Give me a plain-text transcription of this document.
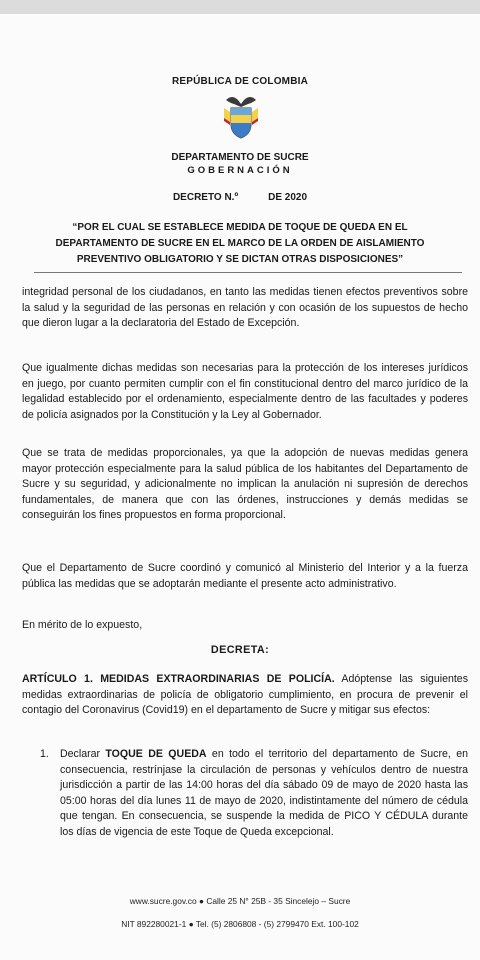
REPÚBLICA DE COLOMBIA
DEPARTAMENTO DE SUCRE
GOBERNACIÓN
DECRETO N.º	DE 2020
“POR EL CUAL SE ESTABLECE MEDIDA DE TOQUE DE QUEDA EN EL DEPARTAMENTO DE SUCRE EN EL MARCO DE LA ORDEN DE AISLAMIENTO PREVENTIVO OBLIGATORIO Y SE DICTAN OTRAS DISPOSICIONES”
integridad personal de los ciudadanos, en tanto las medidas tienen efectos preventivos sobre la salud y la seguridad de las personas en relación y con ocasión de los supuestos de hecho que dieron lugar a la declaratoria del Estado de Excepción.
Que igualmente dichas medidas son necesarias para la protección de los intereses jurídicos en juego, por cuanto permiten cumplir con el fin constitucional dentro del marco jurídico de la legalidad establecido por el ordenamiento, especialmente dentro de las facultades y poderes de policía asignados por la Constitución y la Ley al Gobernador.
Que se trata de medidas proporcionales, ya que la adopción de nuevas medidas genera mayor protección especialmente para la salud pública de los habitantes del Departamento de Sucre y su seguridad, y adicionalmente no implican la anulación ni supresión de derechos fundamentales, de manera que con las órdenes, instrucciones y demás medidas se conseguirán los fines propuestos en forma proporcional.
Que el Departamento de Sucre coordinó y comunicó al Ministerio del Interior y a la fuerza pública las medidas que se adoptarán mediante el presente acto administrativo.
En mérito de lo expuesto,
DECRETA:
ARTÍCULO 1. MEDIDAS EXTRAORDINARIAS DE POLICÍA. Adóptense las siguientes medidas extraordinarias de policía de obligatorio cumplimiento, en procura de prevenir el contagio del Coronavirus (Covid19) en el departamento de Sucre y mitigar sus efectos:
1. Declarar TOQUE DE QUEDA en todo el territorio del departamento de Sucre, en consecuencia, restrínjase la circulación de personas y vehículos dentro de nuestra jurisdicción a partir de las 14:00 horas del día sábado 09 de mayo de 2020 hasta las 05:00 horas del día lunes 11 de mayo de 2020, indistintamente del número de cédula que tengan. En consecuencia, se suspende la medida de PICO Y CÉDULA durante los días de vigencia de este Toque de Queda excepcional.
www.sucre.gov.co ● Calle 25 N° 25B - 35 Sincelejo – Sucre
NIT 892280021-1 ● Tel. (5) 2806808 - (5) 2799470 Ext. 100-102
